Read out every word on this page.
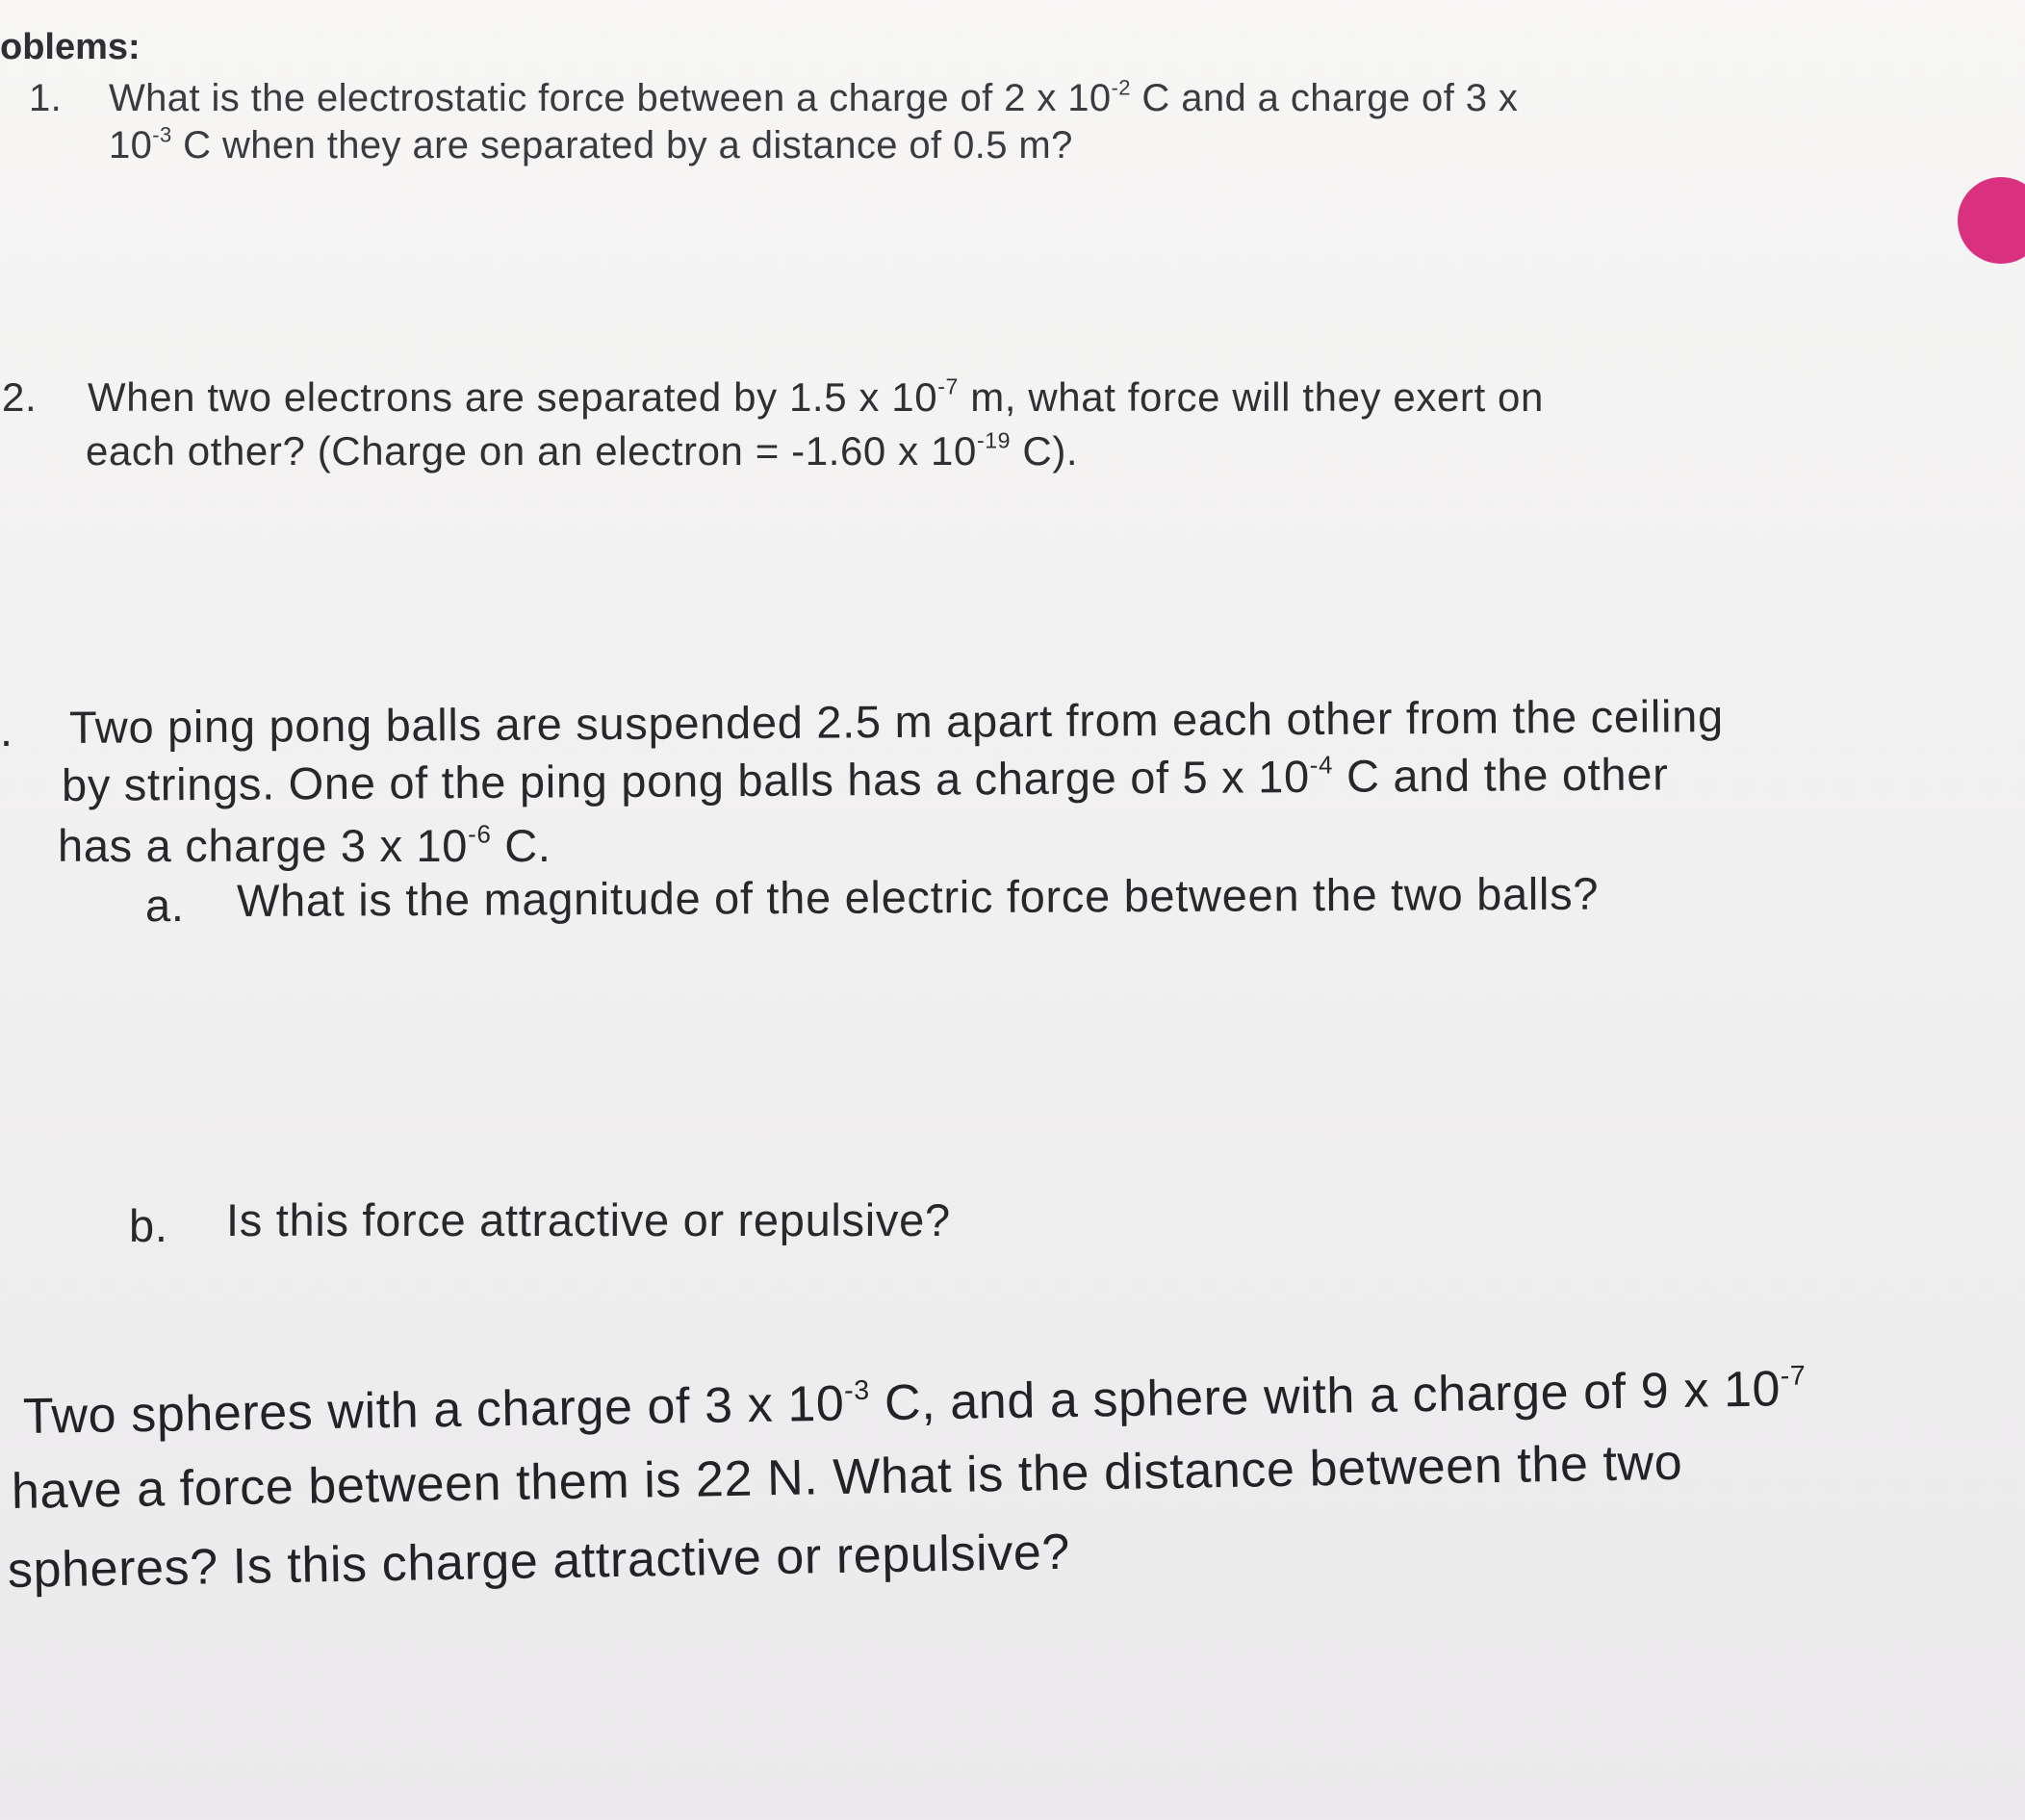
oblems:
1. What is the electrostatic force between a charge of 2 x $10^{-2}$ C and a charge of 3 x
$10^{-3}$ C when they are separated by a distance of 0.5 m?
2. When two electrons are separated by 1.5 x $10^{-7}$ m, what force will they exert on
each other? (Charge on an electron = -1.60 x $10^{-19}$ C).
. Two ping pong balls are suspended 2.5 m apart from each other from the ceiling
by strings. One of the ping pong balls has a charge of 5 x $10^{-4}$ C and the other
has a charge 3 x $10^{-6}$ C.
a. What is the magnitude of the electric force between the two balls?
b. Is this force attractive or repulsive?
Two spheres with a charge of 3 x $10^{-3}$ C, and a sphere with a charge of 9 x $10^{-7}$
have a force between them is 22 N. What is the distance between the two
spheres? Is this charge attractive or repulsive?
